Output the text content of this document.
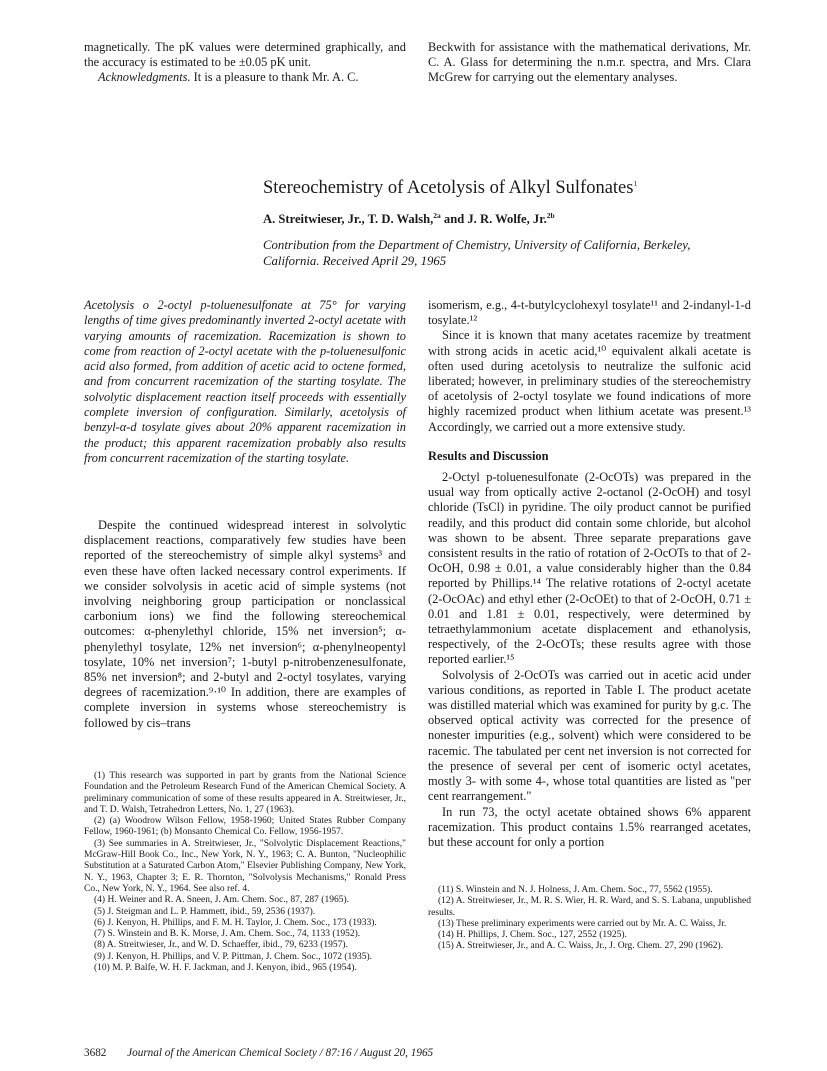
magnetically. The pK values were determined graphically, and the accuracy is estimated to be ±0.05 pK unit.

Acknowledgments. It is a pleasure to thank Mr. A. C.

Beckwith for assistance with the mathematical derivations, Mr. C. A. Glass for determining the n.m.r. spectra, and Mrs. Clara McGrew for carrying out the elementary analyses.

Stereochemistry of Acetolysis of Alkyl Sulfonates$^1$
A. Streitwieser, Jr., T. D. Walsh,$^{2a}$ and J. R. Wolfe, Jr.$^{2b}$
Contribution from the Department of Chemistry, University of California, Berkeley, California. Received April 29, 1965

Acetolysis o 2-octyl p-toluenesulfonate at 75° for varying lengths of time gives predominantly inverted 2-octyl acetate with varying amounts of racemization. Racemization is shown to come from reaction of 2-octyl acetate with the p-toluenesulfonic acid also formed, from addition of acetic acid to octene formed, and from concurrent racemization of the starting tosylate. The solvolytic displacement reaction itself proceeds with essentially complete inversion of configuration. Similarly, acetolysis of benzyl-α-d tosylate gives about 20% apparent racemization in the product; this apparent racemization probably also results from concurrent racemization of the starting tosylate.

Despite the continued widespread interest in solvolytic displacement reactions, comparatively few studies have been reported of the stereochemistry of simple alkyl systems³ and even these have often lacked necessary control experiments. If we consider solvolysis in acetic acid of simple systems (not involving neighboring group participation or nonclassical carbonium ions) we find the following stereochemical outcomes: α-phenylethyl chloride, 15% net inversion⁵; α-phenylethyl tosylate, 12% net inversion⁶; α-phenylneopentyl tosylate, 10% net inversion⁷; 1-butyl p-nitrobenzenesulfonate, 85% net inversion⁸; and 2-butyl and 2-octyl tosylates, varying degrees of racemization.⁹·¹⁰ In addition, there are examples of complete inversion in systems whose stereochemistry is followed by cis–trans

(1) This research was supported in part by grants from the National Science Foundation and the Petroleum Research Fund of the American Chemical Society. A preliminary communication of some of these results appeared in A. Streitwieser, Jr., and T. D. Walsh, Tetrahedron Letters, No. 1, 27 (1963).

(2) (a) Woodrow Wilson Fellow, 1958-1960; United States Rubber Company Fellow, 1960-1961; (b) Monsanto Chemical Co. Fellow, 1956-1957.

(3) See summaries in A. Streitwieser, Jr., "Solvolytic Displacement Reactions," McGraw-Hill Book Co., Inc., New York, N. Y., 1963; C. A. Bunton, "Nucleophilic Substitution at a Saturated Carbon Atom," Elsevier Publishing Company, New York, N. Y., 1963, Chapter 3; E. R. Thornton, "Solvolysis Mechanisms," Ronald Press Co., New York, N. Y., 1964. See also ref. 4.

(4) H. Weiner and R. A. Sneen, J. Am. Chem. Soc., 87, 287 (1965).

(5) J. Steigman and L. P. Hammett, ibid., 59, 2536 (1937).

(6) J. Kenyon, H. Phillips, and F. M. H. Taylor, J. Chem. Soc., 173 (1933).

(7) S. Winstein and B. K. Morse, J. Am. Chem. Soc., 74, 1133 (1952).

(8) A. Streitwieser, Jr., and W. D. Schaeffer, ibid., 79, 6233 (1957).

(9) J. Kenyon, H. Phillips, and V. P. Pittman, J. Chem. Soc., 1072 (1935).

(10) M. P. Balfe, W. H. F. Jackman, and J. Kenyon, ibid., 965 (1954).

isomerism, e.g., 4-t-butylcyclohexyl tosylate¹¹ and 2-indanyl-1-d tosylate.¹²

Since it is known that many acetates racemize by treatment with strong acids in acetic acid,¹⁰ equivalent alkali acetate is often used during acetolysis to neutralize the sulfonic acid liberated; however, in preliminary studies of the stereochemistry of acetolysis of 2-octyl tosylate we found indications of more highly racemized product when lithium acetate was present.¹³ Accordingly, we carried out a more extensive study.

Results and Discussion

2-Octyl p-toluenesulfonate (2-OcOTs) was prepared in the usual way from optically active 2-octanol (2-OcOH) and tosyl chloride (TsCl) in pyridine. The oily product cannot be purified readily, and this product did contain some chloride, but alcohol was shown to be absent. Three separate preparations gave consistent results in the ratio of rotation of 2-OcOTs to that of 2-OcOH, 0.98 ± 0.01, a value considerably higher than the 0.84 reported by Phillips.¹⁴ The relative rotations of 2-octyl acetate (2-OcOAc) and ethyl ether (2-OcOEt) to that of 2-OcOH, 0.71 ± 0.01 and 1.81 ± 0.01, respectively, were determined by tetraethylammonium acetate displacement and ethanolysis, respectively, of the 2-OcOTs; these results agree with those reported earlier.¹⁵

Solvolysis of 2-OcOTs was carried out in acetic acid under various conditions, as reported in Table I. The product acetate was distilled material which was examined for purity by g.c. The observed optical activity was corrected for the presence of nonester impurities (e.g., solvent) which were considered to be racemic. The tabulated per cent net inversion is not corrected for the presence of several per cent of isomeric octyl acetates, mostly 3- with some 4-, whose total quantities are listed as "per cent rearrangement."

In run 73, the octyl acetate obtained shows 6% apparent racemization. This product contains 1.5% rearranged acetates, but these account for only a portion

(11) S. Winstein and N. J. Holness, J. Am. Chem. Soc., 77, 5562 (1955).

(12) A. Streitwieser, Jr., M. R. S. Wier, H. R. Ward, and S. S. Labana, unpublished results.

(13) These preliminary experiments were carried out by Mr. A. C. Waiss, Jr.

(14) H. Phillips, J. Chem. Soc., 127, 2552 (1925).

(15) A. Streitwieser, Jr., and A. C. Waiss, Jr., J. Org. Chem. 27, 290 (1962).

3682 Journal of the American Chemical Society / 87:16 / August 20, 1965
